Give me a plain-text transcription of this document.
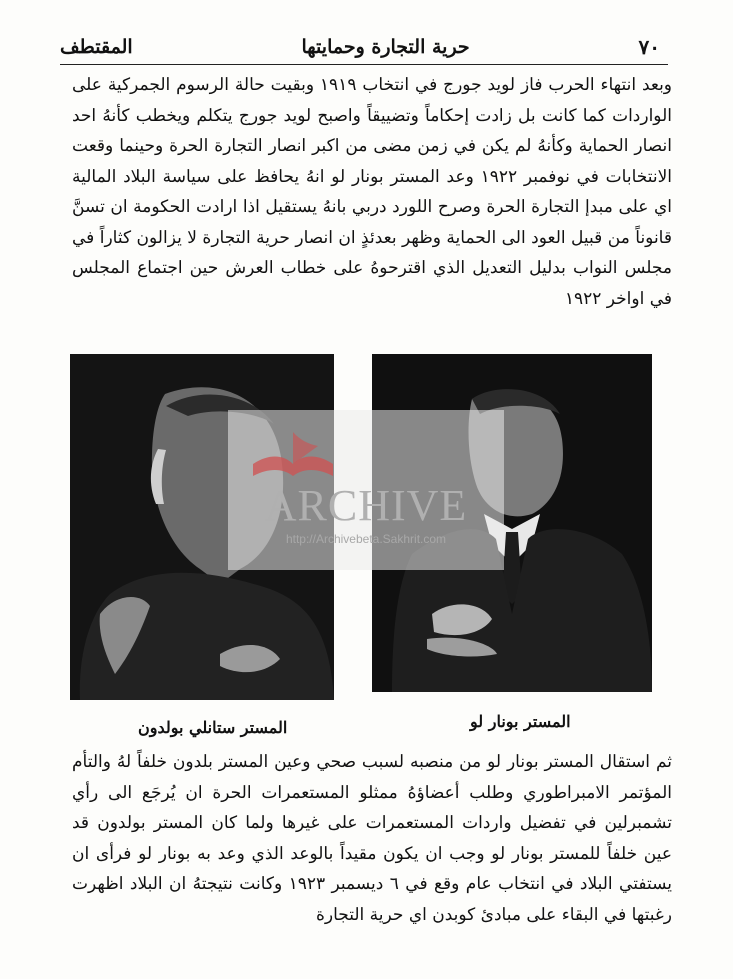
٧٠
حرية التجارة وحمايتها
المقتطف

وبعد انتهاء الحرب فاز لويد جورج في انتخاب ١٩١٩ وبقيت حالة الرسوم الجمركية على الواردات كما كانت بل زادت إحكاماً وتضييقاً واصبح لويد جورج يتكلم ويخطب كأنهُ احد انصار الحماية وكأنهُ لم يكن في زمن مضى من اكبر انصار التجارة الحرة وحينما وقعت الانتخابات في نوفمبر ١٩٢٢ وعد المستر بونار لو انهُ يحافظ على سياسة البلاد المالية اي على مبدإ التجارة الحرة وصرح اللورد دربي بانهُ يستقيل اذا ارادت الحكومة ان تسنَّ قانوناً من قبيل العود الى الحماية وظهر بعدئذٍ ان انصار حرية التجارة لا يزالون كثاراً في مجلس النواب بدليل التعديل الذي اقترحوهُ على خطاب العرش حين اجتماع المجلس في اواخر ١٩٢٢

ARCHIVE
http://Archivebeta.Sakhrit.com
المستر ستانلي بولدون	المستر بونار لو

ثم استقال المستر بونار لو من منصبه لسبب صحي وعين المستر بلدون خلفاً لهُ والتأم المؤتمر الامبراطوري وطلب أعضاؤهُ ممثلو المستعمرات الحرة ان يُرجَع الى رأي تشمبرلين في تفضيل واردات المستعمرات على غيرها ولما كان المستر بولدون قد عين خلفاً للمستر بونار لو وجب ان يكون مقيداً بالوعد الذي وعد به بونار لو فرأى ان يستفتي البلاد في انتخاب عام وقع في ٦ ديسمبر ١٩٢٣ وكانت نتيجتهُ ان البلاد اظهرت رغبتها في البقاء على مبادئ كوبدن اي حرية التجارة
